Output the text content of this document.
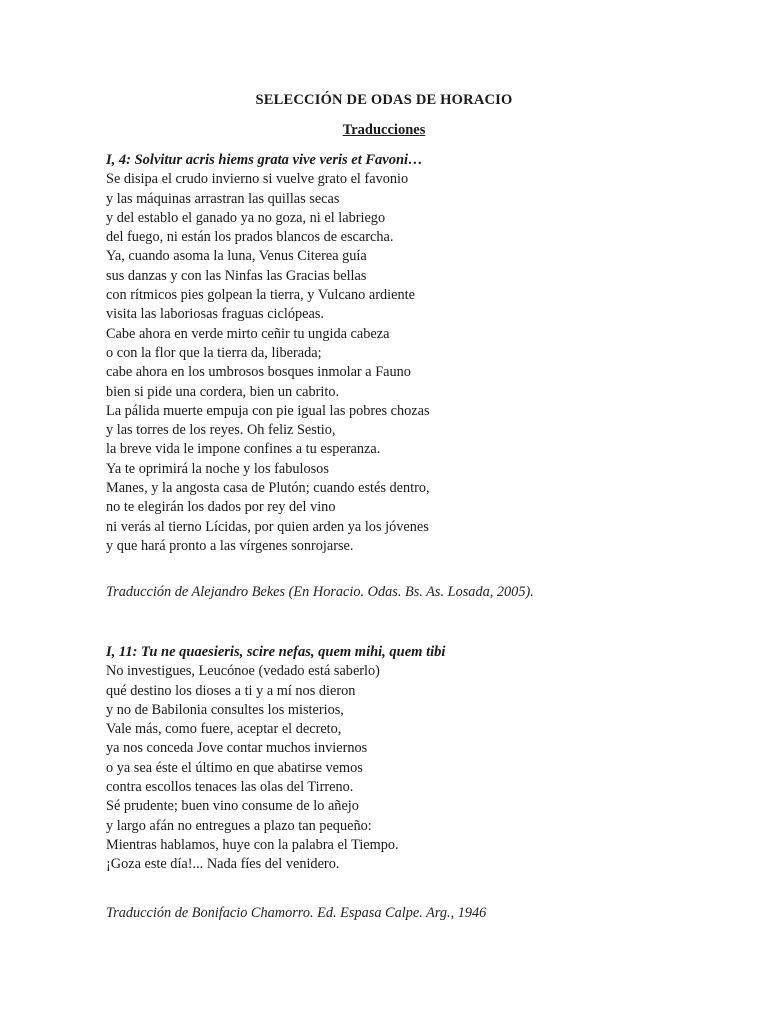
SELECCIÓN DE ODAS DE HORACIO
Traducciones
I, 4: Solvitur acris hiems grata vive veris et Favoni…
Se disipa el crudo invierno si vuelve grato el favonio
y las máquinas arrastran las quillas secas
y del establo el ganado ya no goza, ni el labriego
del fuego, ni están los prados blancos de escarcha.
Ya, cuando asoma la luna, Venus Citerea guía
sus danzas y con las Ninfas las Gracias bellas
con rítmicos pies golpean la tierra, y Vulcano ardiente
visita las laboriosas fraguas ciclópeas.
Cabe ahora en verde mirto ceñir tu ungida cabeza
o con la flor que la tierra da, liberada;
cabe ahora en los umbrosos bosques inmolar a Fauno
bien si pide una cordera, bien un cabrito.
La pálida muerte empuja con pie igual las pobres chozas
y las torres de los reyes. Oh feliz Sestio,
la breve vida le impone confines a tu esperanza.
Ya te oprimirá la noche y los fabulosos
Manes, y la angosta casa de Plutón; cuando estés dentro,
no te elegirán los dados por rey del vino
ni verás al tierno Lícidas, por quien arden ya los jóvenes
y que hará pronto a las vírgenes sonrojarse.
Traducción de Alejandro Bekes (En Horacio. Odas. Bs. As. Losada, 2005).
I, 11: Tu ne quaesieris, scire nefas, quem mihi, quem tibi
No investigues, Leucónoe (vedado está saberlo)
qué destino los dioses a ti y a mí nos dieron
y no de Babilonia consultes los misterios,
Vale más, como fuere, aceptar el decreto,
ya nos conceda Jove contar muchos inviernos
o ya sea éste el último en que abatirse vemos
contra escollos tenaces las olas del Tirreno.
Sé prudente; buen vino consume de lo añejo
y largo afán no entregues a plazo tan pequeño:
Mientras hablamos, huye con la palabra el Tiempo.
¡Goza este día!... Nada fíes del venidero.
Traducción de Bonifacio Chamorro. Ed. Espasa Calpe. Arg., 1946
